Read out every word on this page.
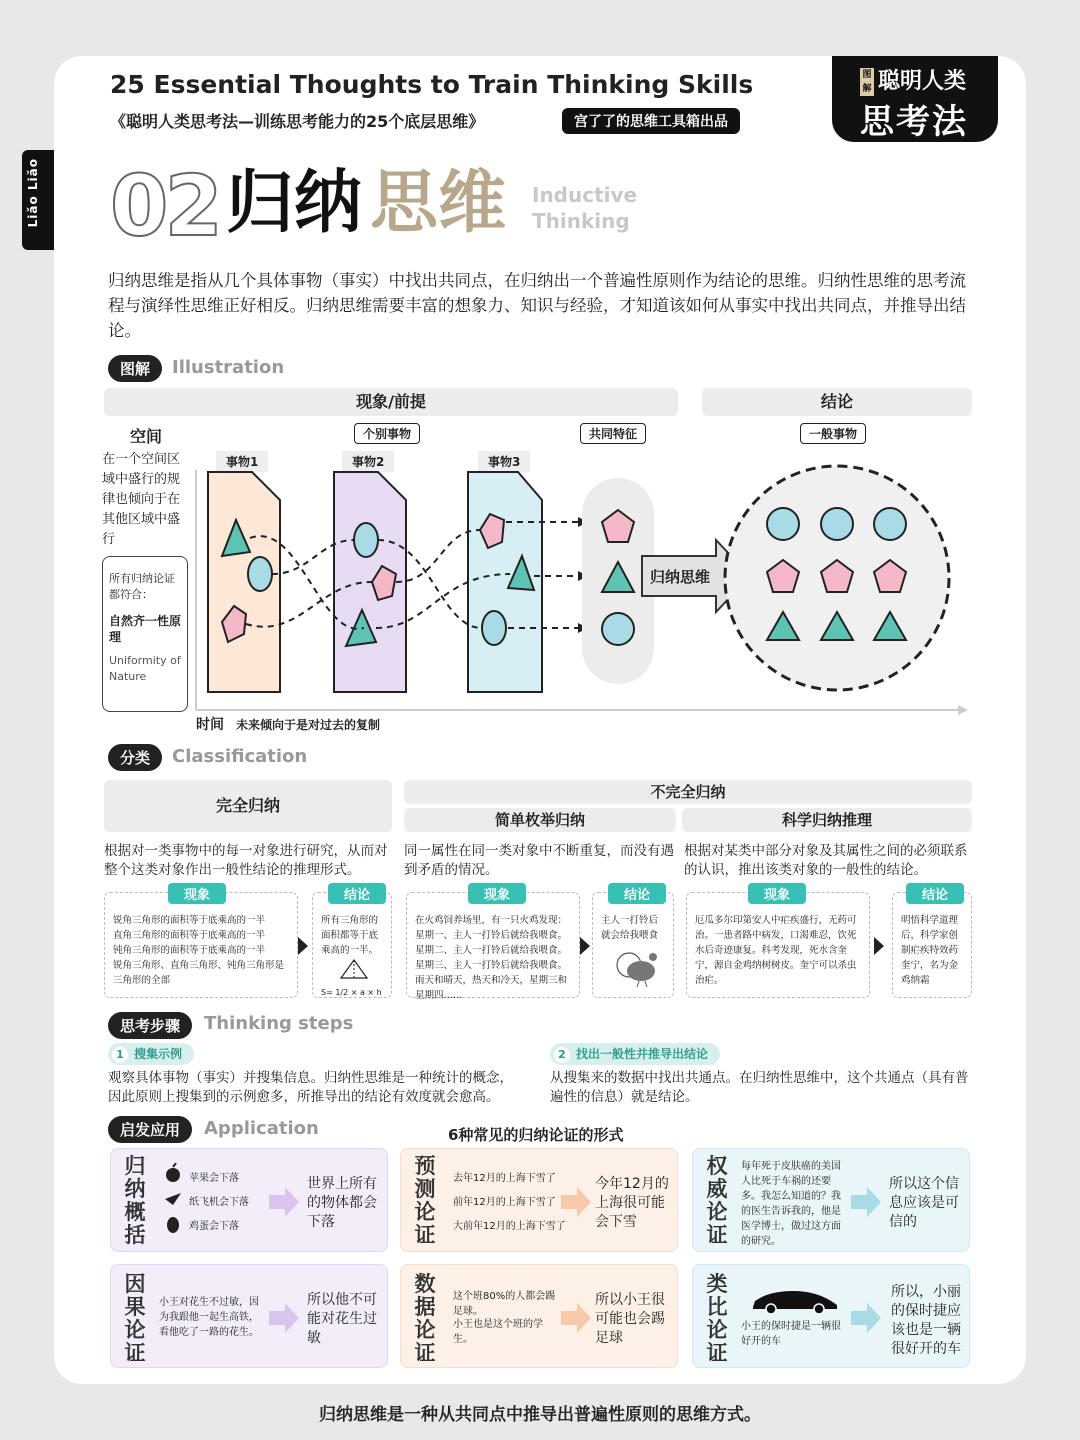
Liǎo Liǎo
25 Essential Thoughts to Train Thinking Skills
《聪明人类思考法—训练思考能力的25个底层思维》	宫了了的思维工具箱出品
图解 聪明人类
思考法
02 归纳 思维 Inductive
Thinking
归纳思维是指从几个具体事物（事实）中找出共同点，在归纳出一个普遍性原则作为结论的思维。归纳性思维的思考流程与演绎性思维正好相反。归纳思维需要丰富的想象力、知识与经验，才知道该如何从事实中找出共同点，并推导出结论。
图解	Illustration
现象/前提	结论
个别事物	共同特征	一般事物
事物1	事物2	事物3
空间
在一个空间区域中盛行的规律也倾向于在其他区域中盛行
所有归纳论证都符合：
自然齐一性原理
Uniformity of Nature
归纳思维
时间 未来倾向于是对过去的复制
分类	Classification
完全归纳
不完全归纳
简单枚举归纳	科学归纳推理
根据对一类事物中的每一对象进行研究，从而对整个这类对象作出一般性结论的推理形式。
同一属性在同一类对象中不断重复，而没有遇到矛盾的情况。
根据对某类中部分对象及其属性之间的必须联系的认识，推出该类对象的一般性的结论。
锐角三角形的面积等于底乘高的一半
直角三角形的面积等于底乘高的一半
钝角三角形的面积等于底乘高的一半
锐角三角形、直角三角形、钝角三角形是三角形的全部
现象
所有三角形的面积都等于底乘高的一半。
S= 1/2 × a × h
结论
在火鸡饲养场里，有一只火鸡发现：星期一、主人一打铃后就给我喂食。星期二、主人一打铃后就给我喂食。星期三、主人一打铃后就给我喂食。雨天和晴天，热天和冷天，星期三和星期四……
现象
主人一打铃后就会给我喂食
结论
厄瓜多尔印第安人中疟疾盛行，无药可治。一患者路中病发，口渴难忍，饮死水后奇迹康复。科考发现，死水含奎宁，源自金鸡纳树树皮。奎宁可以杀虫治疟。
现象
明悟科学道理后，科学家创制疟疾特效药奎宁，名为金鸡纳霜
结论
思考步骤	Thinking steps
1 搜集示例	2 找出一般性并推导出结论
观察具体事物（事实）并搜集信息。归纳性思维是一种统计的概念，因此原则上搜集到的示例愈多，所推导出的结论有效度就会愈高。
从搜集来的数据中找出共通点。在归纳性思维中，这个共通点（具有普遍性的信息）就是结论。
启发应用	Application	6种常见的归纳论证的形式
归纳概括
苹果会下落
纸飞机会下落
鸡蛋会下落
世界上所有的物体都会下落
预测论证
去年12月的上海下雪了
前年12月的上海下雪了
大前年12月的上海下雪了
今年12月的上海很可能会下雪
权威论证
每年死于皮肤癌的美国人比死于车祸的还要多。我怎么知道的？我的医生告诉我的，他是医学博士，做过这方面的研究。
所以这个信息应该是可信的
因果论证
小王对花生不过敏，因为我跟他一起生高铁，看他吃了一路的花生。
所以他不可能对花生过敏
数据论证
这个班80%的人都会踢足球。
小王也是这个班的学生。
所以小王很可能也会踢足球
类比论证
小王的保时捷是一辆很好开的车
所以，小丽的保时捷应该也是一辆很好开的车
归纳思维是一种从共同点中推导出普遍性原则的思维方式。
